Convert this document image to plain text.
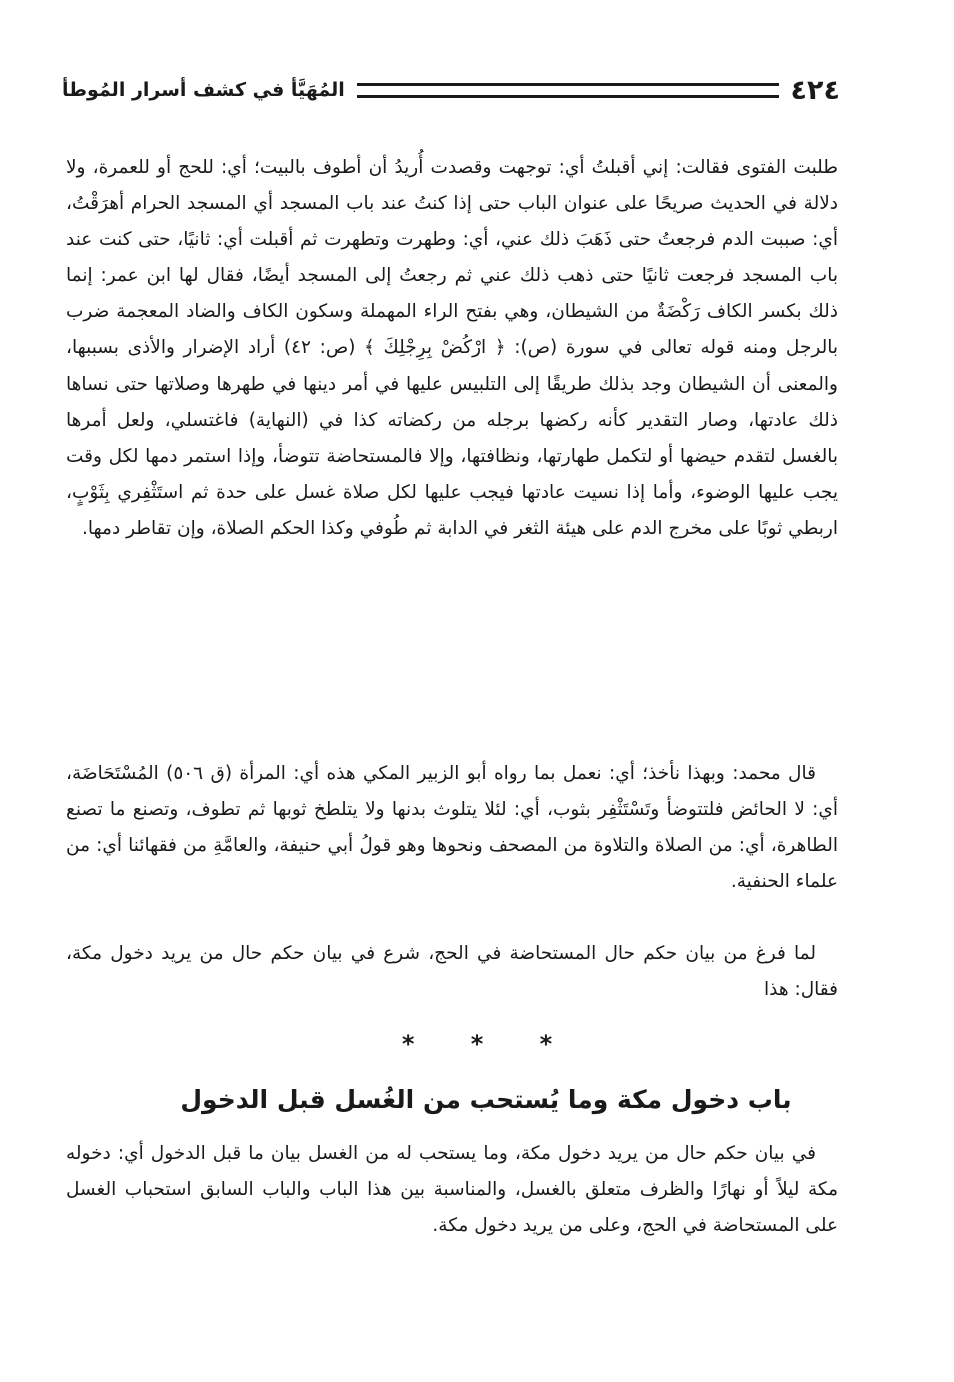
٤٢٤
المُهَيَّأ في كشف أسرار المُوطأ

طلبت الفتوى فقالت: إني أقبلتُ أي: توجهت وقصدت أُريدُ أن أطوف بالبيت؛ أي: للحج أو للعمرة، ولا دلالة في الحديث صريحًا على عنوان الباب حتى إذا كنتُ عند باب المسجد أي المسجد الحرام أهرَقْتُ، أي: صببت الدم فرجعتُ حتى ذَهَبَ ذلك عني، أي: وطهرت وتطهرت ثم أقبلت أي: ثانيًا، حتى كنت عند باب المسجد فرجعت ثانيًا حتى ذهب ذلك عني ثم رجعتُ إلى المسجد أيضًا، فقال لها ابن عمر: إنما ذلك بكسر الكاف رَكْضَةٌ من الشيطان، وهي بفتح الراء المهملة وسكون الكاف والضاد المعجمة ضرب بالرجل ومنه قوله تعالى في سورة (ص): ﴿ ارْكُضْ بِرِجْلِكَ ﴾ (ص: ٤٢) أراد الإضرار والأذى بسببها، والمعنى أن الشيطان وجد بذلك طريقًا إلى التلبيس عليها في أمر دينها في طهرها وصلاتها حتى نساها ذلك عادتها، وصار التقدير كأنه ركضها برجله من ركضاته كذا في (النهاية) فاغتسلي، ولعل أمرها بالغسل لتقدم حيضها أو لتكمل طهارتها، ونظافتها، وإلا فالمستحاضة تتوضأ، وإذا استمر دمها لكل وقت يجب عليها الوضوء، وأما إذا نسيت عادتها فيجب عليها لكل صلاة غسل على حدة ثم استَثْفِري بِثَوْبٍ، اربطي ثوبًا على مخرج الدم على هيئة الثغر في الدابة ثم طُوفي وكذا الحكم الصلاة، وإن تقاطر دمها.

قال محمد: وبهذا نأخذ؛ أي: نعمل بما رواه أبو الزبير المكي هذه أي: المرأة (ق ٥٠٦) المُسْتَحَاضَة، أي: لا الحائض فلتتوضأ وتَسْتَثْفِر بثوب، أي: لئلا يتلوث بدنها ولا يتلطخ ثوبها ثم تطوف، وتصنع ما تصنع الطاهرة، أي: من الصلاة والتلاوة من المصحف ونحوها وهو قولُ أبي حنيفة، والعامَّةِ من فقهائنا أي: من علماء الحنفية.

لما فرغ من بيان حكم حال المستحاضة في الحج، شرع في بيان حكم حال من يريد دخول مكة، فقال: هذا

* * *
باب دخول مكة وما يُستحب من الغُسل قبل الدخول

في بيان حكم حال من يريد دخول مكة، وما يستحب له من الغسل بيان ما قبل الدخول أي: دخوله مكة ليلاً أو نهارًا والظرف متعلق بالغسل، والمناسبة بين هذا الباب والباب السابق استحباب الغسل على المستحاضة في الحج، وعلى من يريد دخول مكة.
